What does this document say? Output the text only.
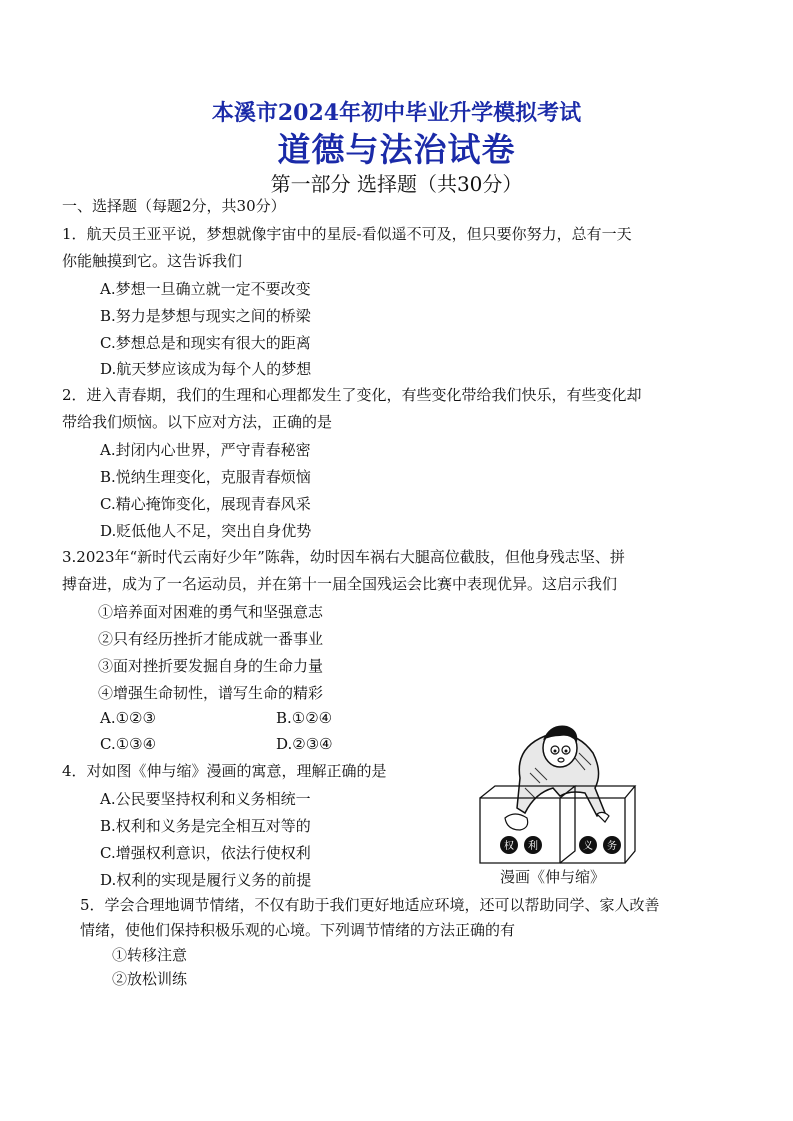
本溪市2024年初中毕业升学模拟考试
道德与法治试卷
第一部分 选择题（共30分）
一、选择题（每题2分，共30分）
1．航天员王亚平说，梦想就像宇宙中的星辰-看似遥不可及，但只要你努力，总有一天
你能触摸到它。这告诉我们
A.梦想一旦确立就一定不要改变
B.努力是梦想与现实之间的桥梁
C.梦想总是和现实有很大的距离
D.航天梦应该成为每个人的梦想
2．进入青春期，我们的生理和心理都发生了变化，有些变化带给我们快乐，有些变化却
带给我们烦恼。以下应对方法，正确的是
A.封闭内心世界，严守青春秘密
B.悦纳生理变化，克服青春烦恼
C.精心掩饰变化，展现青春风采
D.贬低他人不足，突出自身优势
3.2023年“新时代云南好少年”陈犇，幼时因车祸右大腿高位截肢，但他身残志坚、拼
搏奋进，成为了一名运动员，并在第十一届全国残运会比赛中表现优异。这启示我们
①培养面对困难的勇气和坚强意志
②只有经历挫折才能成就一番事业
③面对挫折要发掘自身的生命力量
④增强生命韧性，谱写生命的精彩
A.①②③	B.①②④
C.①③④	D.②③④
4．对如图《伸与缩》漫画的寓意，理解正确的是
A.公民要坚持权利和义务相统一
B.权利和义务是完全相互对等的
C.增强权利意识，依法行使权利
D.权利的实现是履行义务的前提
权 利	义 务
漫画《伸与缩》
5．学会合理地调节情绪，不仅有助于我们更好地适应环境，还可以帮助同学、家人改善
情绪，使他们保持积极乐观的心境。下列调节情绪的方法正确的有
①转移注意
②放松训练
